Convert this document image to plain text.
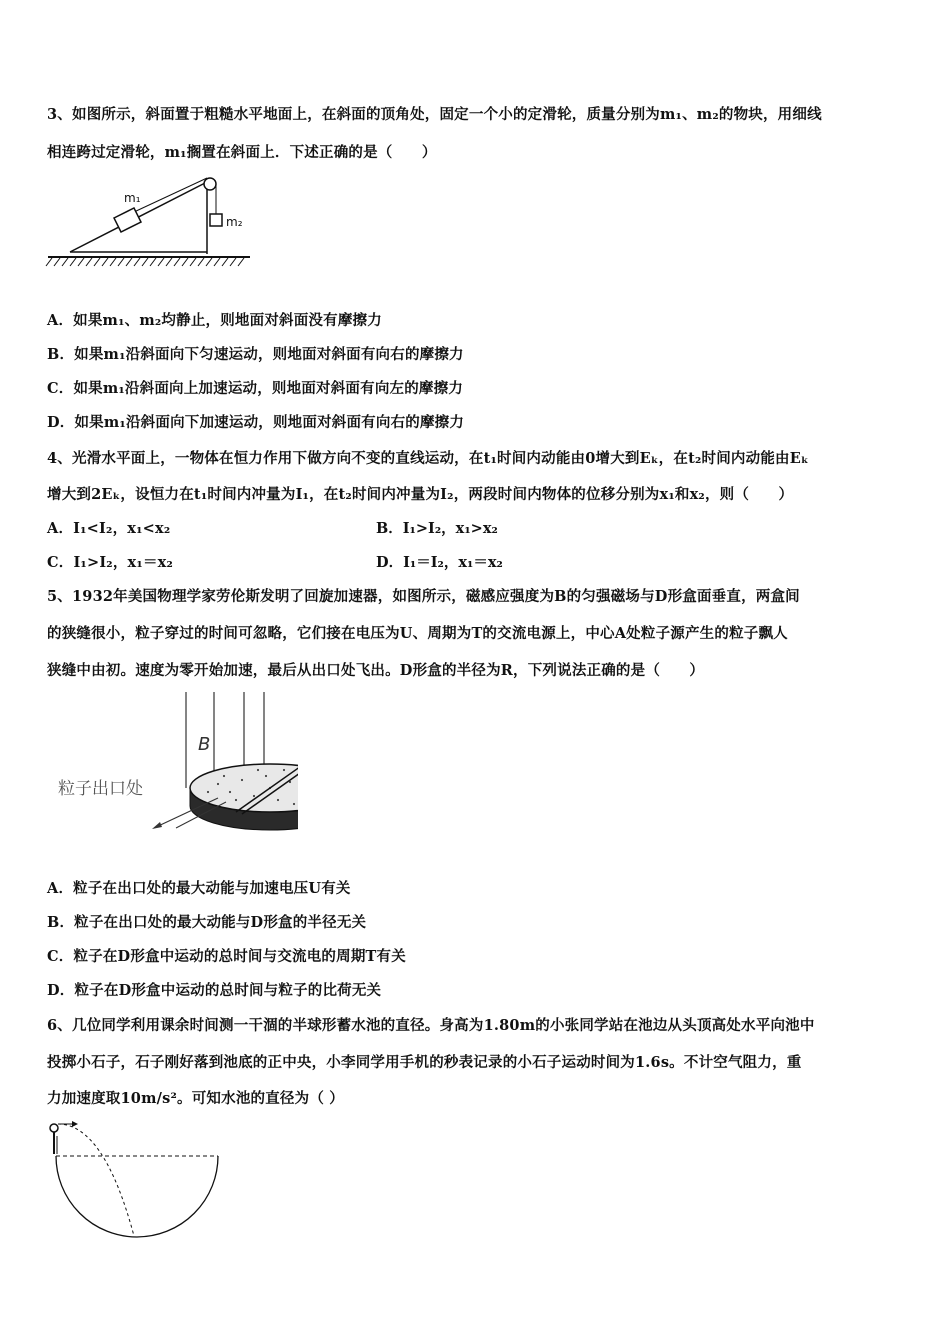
3、如图所示，斜面置于粗糙水平地面上，在斜面的顶角处，固定一个小的定滑轮，质量分别为m₁、m₂的物块，用细线
相连跨过定滑轮，m₁搁置在斜面上．下述正确的是（　　）
m₁
m₂
A．如果m₁、m₂均静止，则地面对斜面没有摩擦力
B．如果m₁沿斜面向下匀速运动，则地面对斜面有向右的摩擦力
C．如果m₁沿斜面向上加速运动，则地面对斜面有向左的摩擦力
D．如果m₁沿斜面向下加速运动，则地面对斜面有向右的摩擦力
4、光滑水平面上，一物体在恒力作用下做方向不变的直线运动，在t₁时间内动能由0增大到Eₖ，在t₂时间内动能由Eₖ
增大到2Eₖ，设恒力在t₁时间内冲量为I₁，在t₂时间内冲量为I₂，两段时间内物体的位移分别为x₁和x₂，则（　　）
A．I₁<I₂，x₁<x₂	B．I₁>I₂，x₁>x₂
C．I₁>I₂，x₁＝x₂	D．I₁＝I₂，x₁＝x₂
5、1932年美国物理学家劳伦斯发明了回旋加速器，如图所示，磁感应强度为B的匀强磁场与D形盒面垂直，两盒间
的狭缝很小，粒子穿过的时间可忽略，它们接在电压为U、周期为T的交流电源上，中心A处粒子源产生的粒子飘人
狭缝中由初。速度为零开始加速，最后从出口处飞出。D形盒的半径为R，下列说法正确的是（　　）
B
粒子出口处
A．粒子在出口处的最大动能与加速电压U有关
B．粒子在出口处的最大动能与D形盒的半径无关
C．粒子在D形盒中运动的总时间与交流电的周期T有关
D．粒子在D形盒中运动的总时间与粒子的比荷无关
6、几位同学利用课余时间测一干涸的半球形蓄水池的直径。身高为1.80m的小张同学站在池边从头顶高处水平向池中
投掷小石子，石子刚好落到池底的正中央，小李同学用手机的秒表记录的小石子运动时间为1.6s。不计空气阻力，重
力加速度取10m/s²。可知水池的直径为（ ）
